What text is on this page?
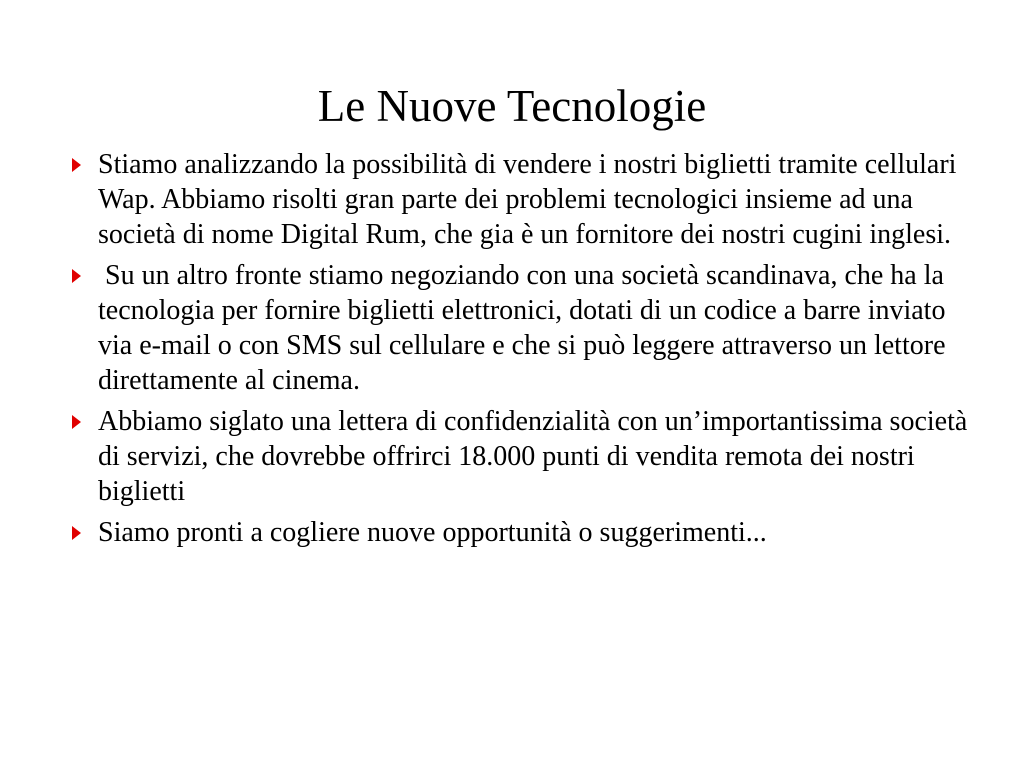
Le Nuove Tecnologie
Stiamo analizzando la possibilità di vendere i nostri biglietti tramite cellulari Wap. Abbiamo risolti gran parte dei problemi tecnologici insieme ad una società di nome Digital Rum, che gia è un fornitore dei nostri cugini inglesi.
Su un altro fronte stiamo negoziando con una società scandinava, che ha la tecnologia per fornire biglietti elettronici, dotati di un codice a barre inviato via e-mail o con SMS sul cellulare e che si può leggere attraverso un lettore direttamente al cinema.
Abbiamo siglato una lettera di confidenzialità con un’importantissima società di servizi, che dovrebbe offrirci 18.000 punti di vendita remota dei nostri biglietti
Siamo pronti a cogliere nuove opportunità o suggerimenti...
